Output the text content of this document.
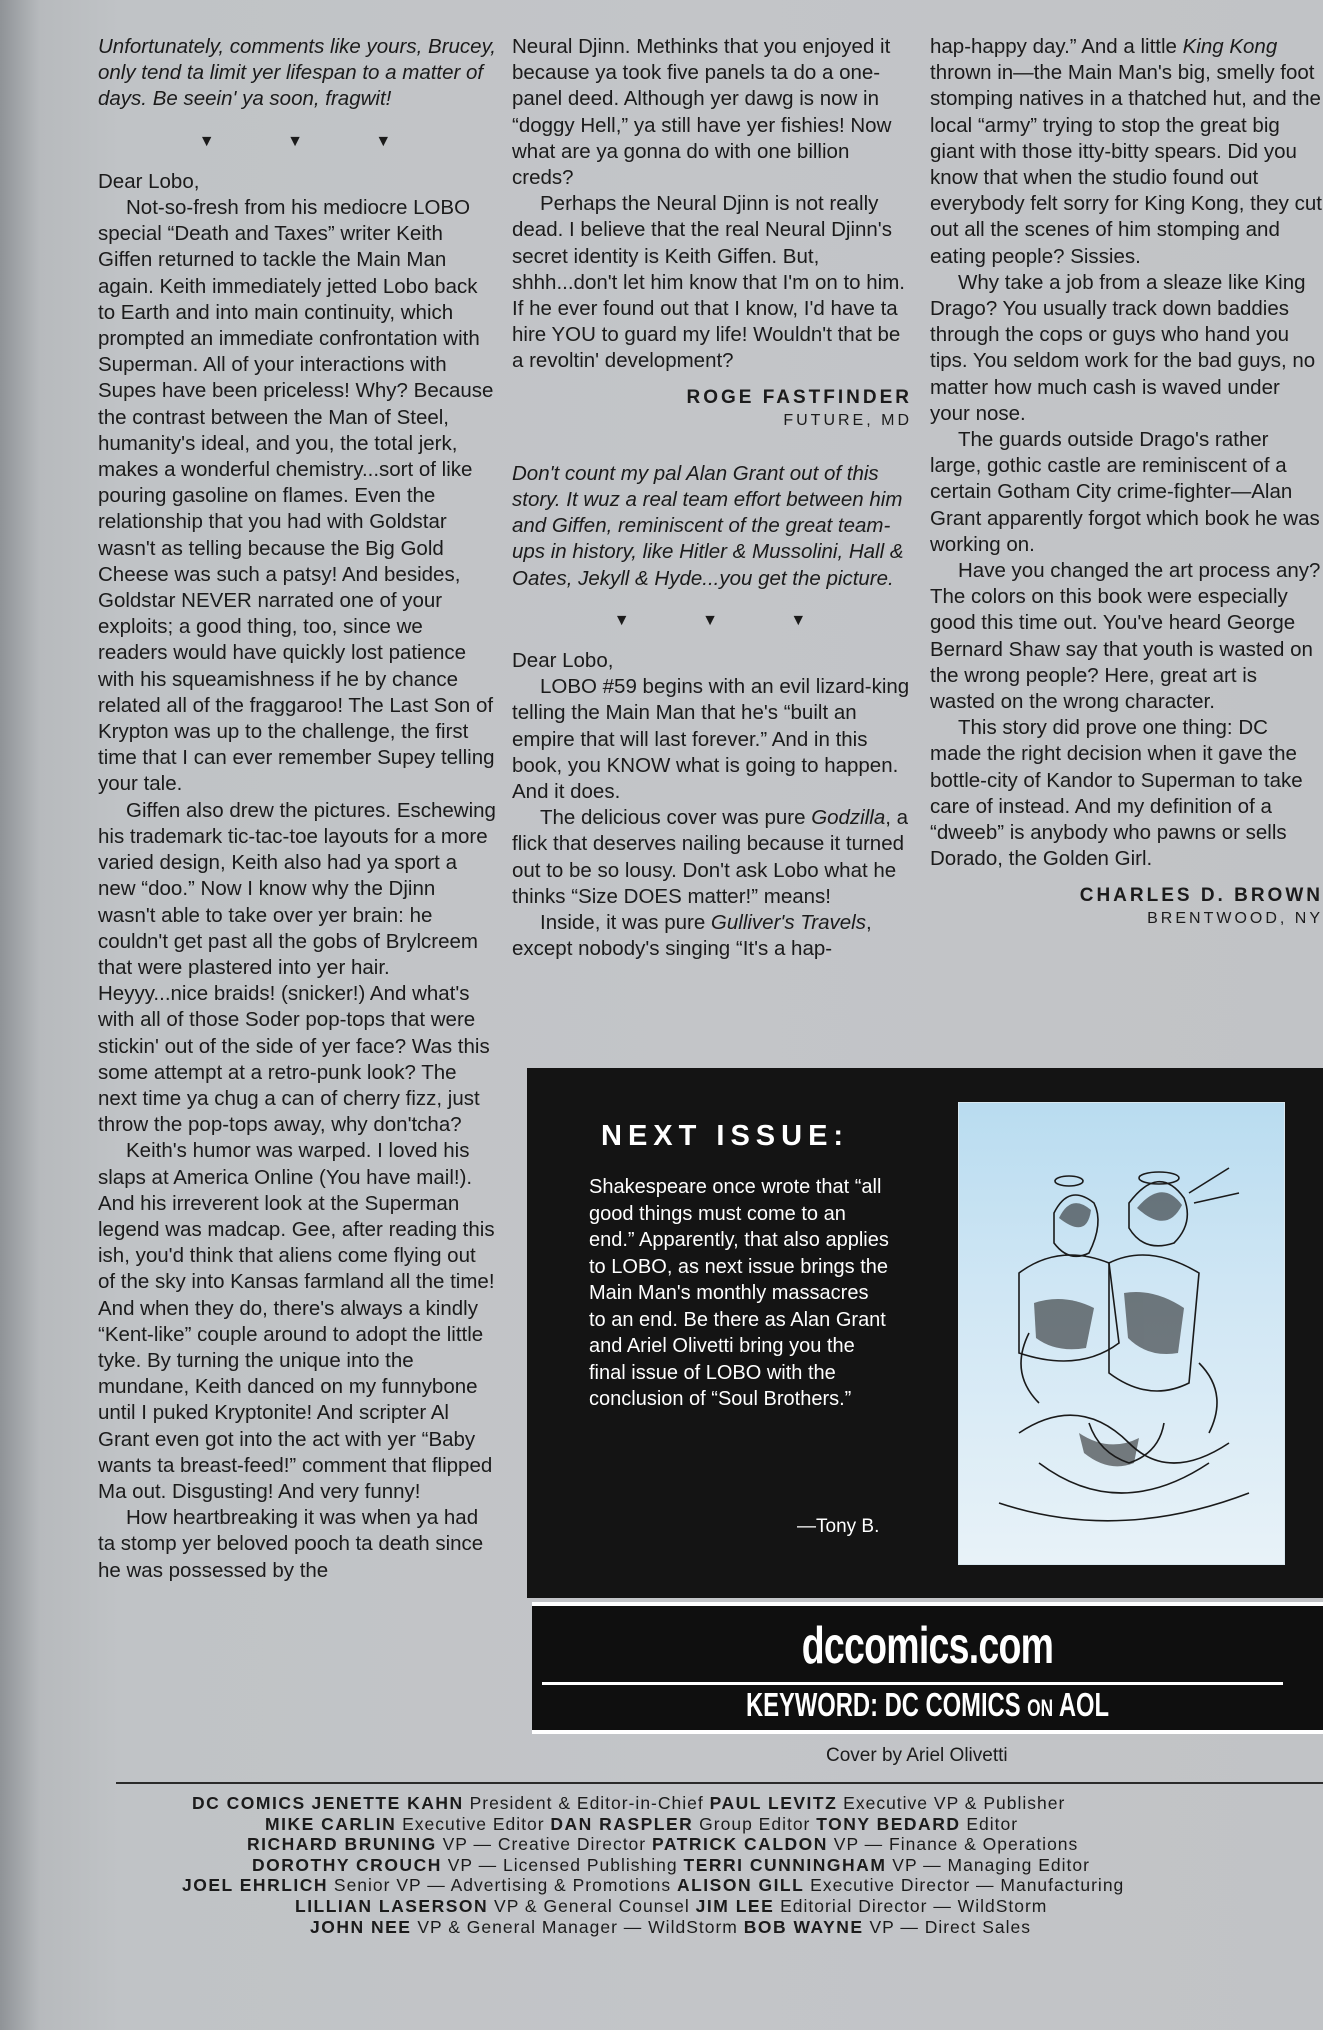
Unfortunately, comments like yours, Brucey, only tend ta limit yer lifespan to a matter of days. Be seein' ya soon, fragwit!

▼ ▼ ▼

Dear Lobo,

Not-so-fresh from his mediocre LOBO special “Death and Taxes” writer Keith Giffen returned to tackle the Main Man again. Keith immediately jetted Lobo back to Earth and into main continuity, which prompted an immediate confrontation with Superman. All of your interactions with Supes have been priceless! Why? Because the contrast between the Man of Steel, humanity's ideal, and you, the total jerk, makes a wonderful chemistry...sort of like pouring gasoline on flames. Even the relationship that you had with Goldstar wasn't as telling because the Big Gold Cheese was such a patsy! And besides, Goldstar NEVER narrated one of your exploits; a good thing, too, since we readers would have quickly lost patience with his squeamishness if he by chance related all of the fraggaroo! The Last Son of Krypton was up to the challenge, the first time that I can ever remember Supey telling your tale.

Giffen also drew the pictures. Eschewing his trademark tic-tac-toe layouts for a more varied design, Keith also had ya sport a new “doo.” Now I know why the Djinn wasn't able to take over yer brain: he couldn't get past all the gobs of Brylcreem that were plastered into yer hair. Heyyy...nice braids! (snicker!) And what's with all of those Soder pop-tops that were stickin' out of the side of yer face? Was this some attempt at a retro-punk look? The next time ya chug a can of cherry fizz, just throw the pop-tops away, why don'tcha?

Keith's humor was warped. I loved his slaps at America Online (You have mail!). And his irreverent look at the Superman legend was madcap. Gee, after reading this ish, you'd think that aliens come flying out of the sky into Kansas farmland all the time! And when they do, there's always a kindly “Kent-like” couple around to adopt the little tyke. By turning the unique into the mundane, Keith danced on my funnybone until I puked Kryptonite! And scripter Al Grant even got into the act with yer “Baby wants ta breast-feed!” comment that flipped Ma out. Disgusting! And very funny!

How heartbreaking it was when ya had ta stomp yer beloved pooch ta death since he was possessed by the

Neural Djinn. Methinks that you enjoyed it because ya took five panels ta do a one-panel deed. Although yer dawg is now in “doggy Hell,” ya still have yer fishies! Now what are ya gonna do with one billion creds?

Perhaps the Neural Djinn is not really dead. I believe that the real Neural Djinn's secret identity is Keith Giffen. But, shhh...don't let him know that I'm on to him. If he ever found out that I know, I'd have ta hire YOU to guard my life! Wouldn't that be a revoltin' development?

ROGE FASTFINDER

FUTURE, MD

Don't count my pal Alan Grant out of this story. It wuz a real team effort between him and Giffen, reminiscent of the great team-ups in history, like Hitler & Mussolini, Hall & Oates, Jekyll & Hyde...you get the picture.

▼ ▼ ▼

Dear Lobo,

LOBO #59 begins with an evil lizard-king telling the Main Man that he's “built an empire that will last forever.” And in this book, you KNOW what is going to happen. And it does.

The delicious cover was pure Godzilla, a flick that deserves nailing because it turned out to be so lousy. Don't ask Lobo what he thinks “Size DOES matter!” means!

Inside, it was pure Gulliver's Travels, except nobody's singing “It's a hap-

hap-happy day.” And a little King Kong thrown in—the Main Man's big, smelly foot stomping natives in a thatched hut, and the local “army” trying to stop the great big giant with those itty-bitty spears. Did you know that when the studio found out everybody felt sorry for King Kong, they cut out all the scenes of him stomping and eating people? Sissies.

Why take a job from a sleaze like King Drago? You usually track down baddies through the cops or guys who hand you tips. You seldom work for the bad guys, no matter how much cash is waved under your nose.

The guards outside Drago's rather large, gothic castle are reminiscent of a certain Gotham City crime-fighter—Alan Grant apparently forgot which book he was working on.

Have you changed the art process any? The colors on this book were especially good this time out. You've heard George Bernard Shaw say that youth is wasted on the wrong people? Here, great art is wasted on the wrong character.

This story did prove one thing: DC made the right decision when it gave the bottle-city of Kandor to Superman to take care of instead. And my definition of a “dweeb” is anybody who pawns or sells Dorado, the Golden Girl.

CHARLES D. BROWN

BRENTWOOD, NY

NEXT ISSUE:

Shakespeare once wrote that “all good things must come to an end.” Apparently, that also applies to LOBO, as next issue brings the Main Man's monthly massacres to an end. Be there as Alan Grant and Ariel Olivetti bring you the final issue of LOBO with the conclusion of “Soul Brothers.”

—Tony B.
dccomics.com
KEYWORD: DC COMICS ON AOL
Cover by Ariel Olivetti
DC COMICS JENETTE KAHN President & Editor-in-Chief PAUL LEVITZ Executive VP & Publisher
MIKE CARLIN Executive Editor DAN RASPLER Group Editor TONY BEDARD Editor
RICHARD BRUNING VP — Creative Director PATRICK CALDON VP — Finance & Operations
DOROTHY CROUCH VP — Licensed Publishing TERRI CUNNINGHAM VP — Managing Editor
JOEL EHRLICH Senior VP — Advertising & Promotions ALISON GILL Executive Director — Manufacturing
LILLIAN LASERSON VP & General Counsel JIM LEE Editorial Director — WildStorm
JOHN NEE VP & General Manager — WildStorm BOB WAYNE VP — Direct Sales
